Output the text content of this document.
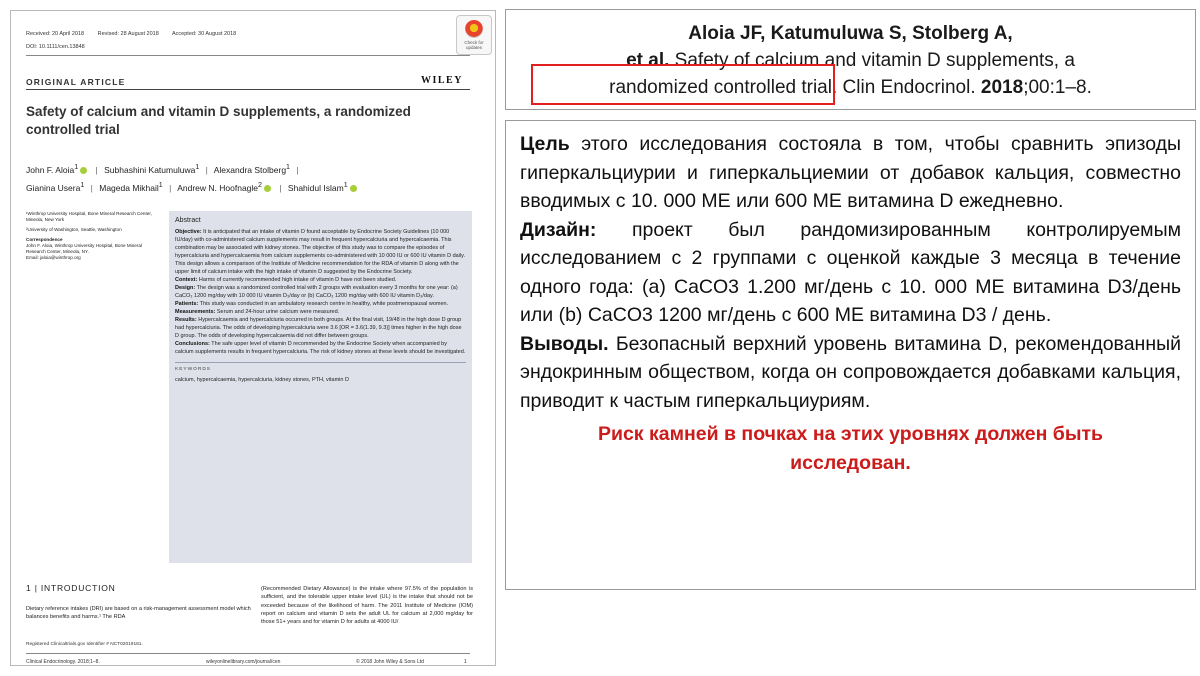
Received: 20 April 2018 Revised: 28 August 2018 Accepted: 30 August 2018
DOI: 10.1111/cen.13848
Check for updates
ORIGINAL ARTICLE	WILEY
Safety of calcium and vitamin D supplements, a randomized controlled trial
John F. Aloia$^1$ | Subhashini Katumuluwa$^1$ | Alexandra Stolberg$^1$ |
Gianina Usera$^1$ | Mageda Mikhail$^1$ | Andrew N. Hoofnagle$^2$ | Shahidul Islam$^1$
¹Winthrop University Hospital, Bone Mineral Research Center, Mineola, New York
²University of Washington, Seattle, Washington
Correspondence
John F. Aloia, Winthrop University Hospital, Bone Mineral Research Center, Mineola, NY.
Email: jaloia@winthrop.org
Abstract

Objective: It is anticipated that an intake of vitamin D found acceptable by Endocrine Society Guidelines (10 000 IU/day) with co-administered calcium supplements may result in frequent hypercalciuria and hypercalcaemia. This combination may be associated with kidney stones. The objective of this study was to compare the episodes of hypercalciuria and hypercalcaemia from calcium supplements co-administered with 10 000 IU or 600 IU vitamin D daily. This design allows a comparison of the Institute of Medicine recommendation for the RDA of vitamin D along with the upper limit of calcium intake with the high intake of vitamin D suggested by the Endocrine Society.

Context: Harms of currently recommended high intake of vitamin D have not been studied.

Design: The design was a randomized controlled trial with 2 groups with evaluation every 3 months for one year: (a) CaCO₃ 1200 mg/day with 10 000 IU vitamin D₃/day or (b) CaCO₃ 1200 mg/day with 600 IU vitamin D₃/day.

Patients: This study was conducted in an ambulatory research centre in healthy, white postmenopausal women.

Measurements: Serum and 24-hour urine calcium were measured.

Results: Hypercalcaemia and hypercalciuria occurred in both groups. At the final visit, 19/48 in the high dose D group had hypercalciuria. The odds of developing hypercalciuria were 3.6 [OR = 3.6(1.39, 9.3)] times higher in the high dose D group. The odds of developing hypercalcaemia did not differ between groups.

Conclusions: The safe upper level of vitamin D recommended by the Endocrine Society when accompanied by calcium supplements results in frequent hypercalciuria. The risk of kidney stones at these levels should be investigated.

KEYWORDS
calcium, hypercalcaemia, hypercalciuria, kidney stones, PTH, vitamin D
1 | INTRODUCTION
Dietary reference intakes (DRI) are based on a risk-management assessment model which balances benefits and harms.¹ The RDA
(Recommended Dietary Allowance) is the intake where 97.5% of the population is sufficient, and the tolerable upper intake level (UL) is the intake that should not be exceeded because of the likelihood of harm. The 2011 Institute of Medicine (IOM) report on calcium and vitamin D sets the adult UL for calcium at 2,000 mg/day for those 51+ years and for vitamin D for adults at 4000 IU/
Registered Clinicaltrials.gov Identifier # NCT02019181.
Clinical Endocrinology. 2018;1–8.	wileyonlinelibrary.com/journal/cen	© 2018 John Wiley & Sons Ltd	1
Aloia JF, Katumuluwa S, Stolberg A,
et al. Safety of calcium and vitamin D supplements, a
randomized controlled trial. Clin Endocrinol. 2018;00:1–8.

Цель этого исследования состояла в том, чтобы сравнить эпизоды гиперкальциурии и гиперкальциемии от добавок кальция, совместно вводимых с 10. 000 МЕ или 600 МЕ витамина D ежедневно.

Дизайн: проект был рандомизированным контролируемым исследованием с 2 группами с оценкой каждые 3 месяца в течение одного года: (a) CaCO3 1.200 мг/день с 10. 000 МЕ витамина D3/день или (b) CaCO3 1200 мг/день с 600 МЕ витамина D3 / день.

Выводы. Безопасный верхний уровень витамина D, рекомендованный эндокринным обществом, когда он сопровождается добавками кальция, приводит к частым гиперкальциуриям.

Риск камней в почках на этих уровнях должен быть исследован.
